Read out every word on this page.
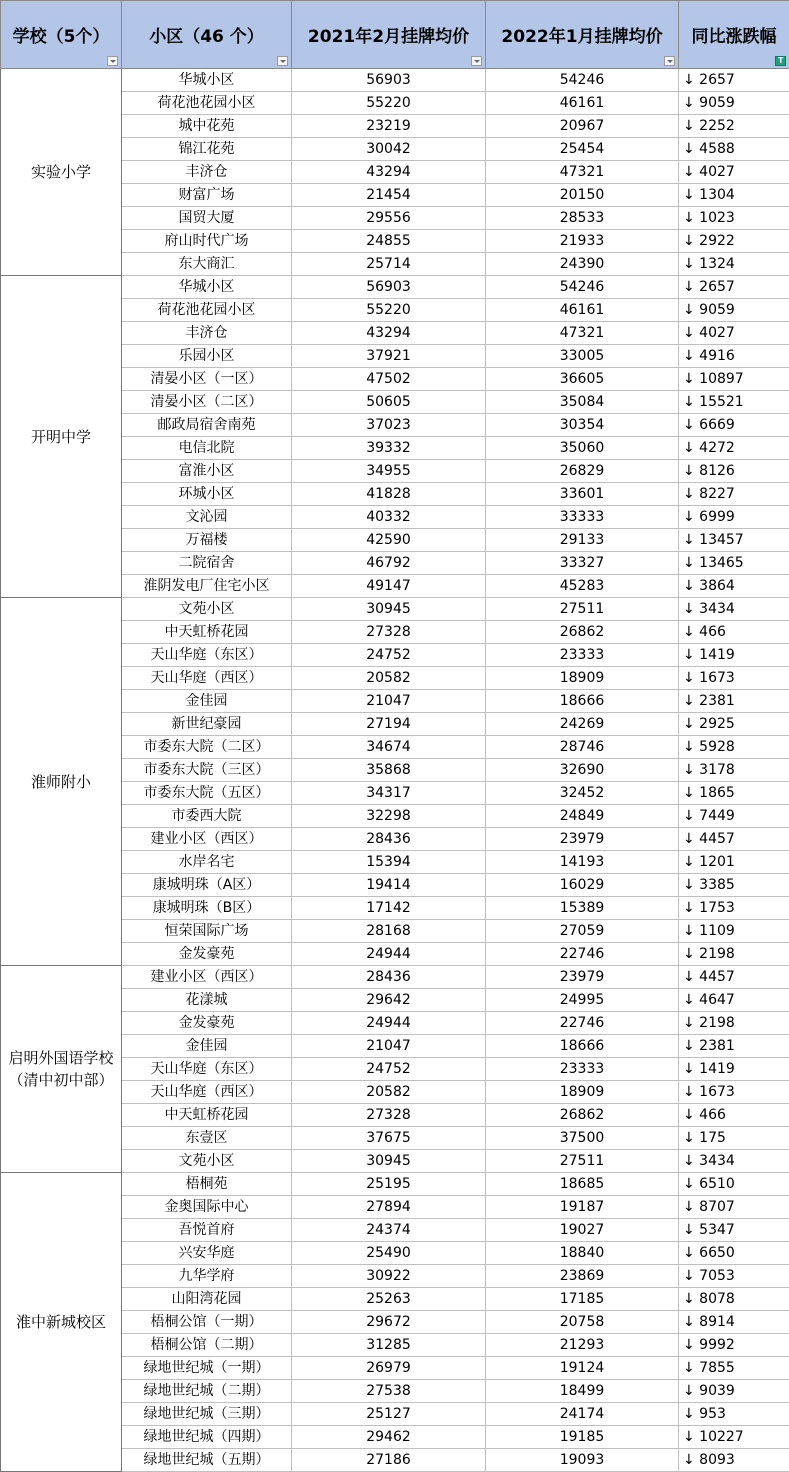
学校（5个）	小区（46 个）	2021年2月挂牌均价	2022年1月挂牌均价	同比涨跌幅
T

实验小学	华城小区	56903	54246	↓ 2657
	荷花池花园小区	55220	46161	↓ 9059
	城中花苑	23219	20967	↓ 2252
	锦江花苑	30042	25454	↓ 4588
	丰济仓	43294	47321	↓ 4027
	财富广场	21454	20150	↓ 1304
	国贸大厦	29556	28533	↓ 1023
	府山时代广场	24855	21933	↓ 2922
	东大商汇	25714	24390	↓ 1324
开明中学	华城小区	56903	54246	↓ 2657
	荷花池花园小区	55220	46161	↓ 9059
	丰济仓	43294	47321	↓ 4027
	乐园小区	37921	33005	↓ 4916
	清晏小区（一区）	47502	36605	↓ 10897
	清晏小区（二区）	50605	35084	↓ 15521
	邮政局宿舍南苑	37023	30354	↓ 6669
	电信北院	39332	35060	↓ 4272
	富淮小区	34955	26829	↓ 8126
	环城小区	41828	33601	↓ 8227
	文沁园	40332	33333	↓ 6999
	万福楼	42590	29133	↓ 13457
	二院宿舍	46792	33327	↓ 13465
	淮阴发电厂住宅小区	49147	45283	↓ 3864
淮师附小	文苑小区	30945	27511	↓ 3434
	中天虹桥花园	27328	26862	↓ 466
	天山华庭（东区）	24752	23333	↓ 1419
	天山华庭（西区）	20582	18909	↓ 1673
	金佳园	21047	18666	↓ 2381
	新世纪豪园	27194	24269	↓ 2925
	市委东大院（二区）	34674	28746	↓ 5928
	市委东大院（三区）	35868	32690	↓ 3178
	市委东大院（五区）	34317	32452	↓ 1865
	市委西大院	32298	24849	↓ 7449
	建业小区（西区）	28436	23979	↓ 4457
	水岸名宅	15394	14193	↓ 1201
	康城明珠（A区）	19414	16029	↓ 3385
	康城明珠（B区）	17142	15389	↓ 1753
	恒荣国际广场	28168	27059	↓ 1109
	金发豪苑	24944	22746	↓ 2198
启明外国语学校（清中初中部）	建业小区（西区）	28436	23979	↓ 4457
	花漾城	29642	24995	↓ 4647
	金发豪苑	24944	22746	↓ 2198
	金佳园	21047	18666	↓ 2381
	天山华庭（东区）	24752	23333	↓ 1419
	天山华庭（西区）	20582	18909	↓ 1673
	中天虹桥花园	27328	26862	↓ 466
	东壹区	37675	37500	↓ 175
	文苑小区	30945	27511	↓ 3434
淮中新城校区	梧桐苑	25195	18685	↓ 6510
	金奥国际中心	27894	19187	↓ 8707
	吾悦首府	24374	19027	↓ 5347
	兴安华庭	25490	18840	↓ 6650
	九华学府	30922	23869	↓ 7053
	山阳湾花园	25263	17185	↓ 8078
	梧桐公馆（一期）	29672	20758	↓ 8914
	梧桐公馆（二期）	31285	21293	↓ 9992
	绿地世纪城（一期）	26979	19124	↓ 7855
	绿地世纪城（二期）	27538	18499	↓ 9039
	绿地世纪城（三期）	25127	24174	↓ 953
	绿地世纪城（四期）	29462	19185	↓ 10227
	绿地世纪城（五期）	27186	19093	↓ 8093
